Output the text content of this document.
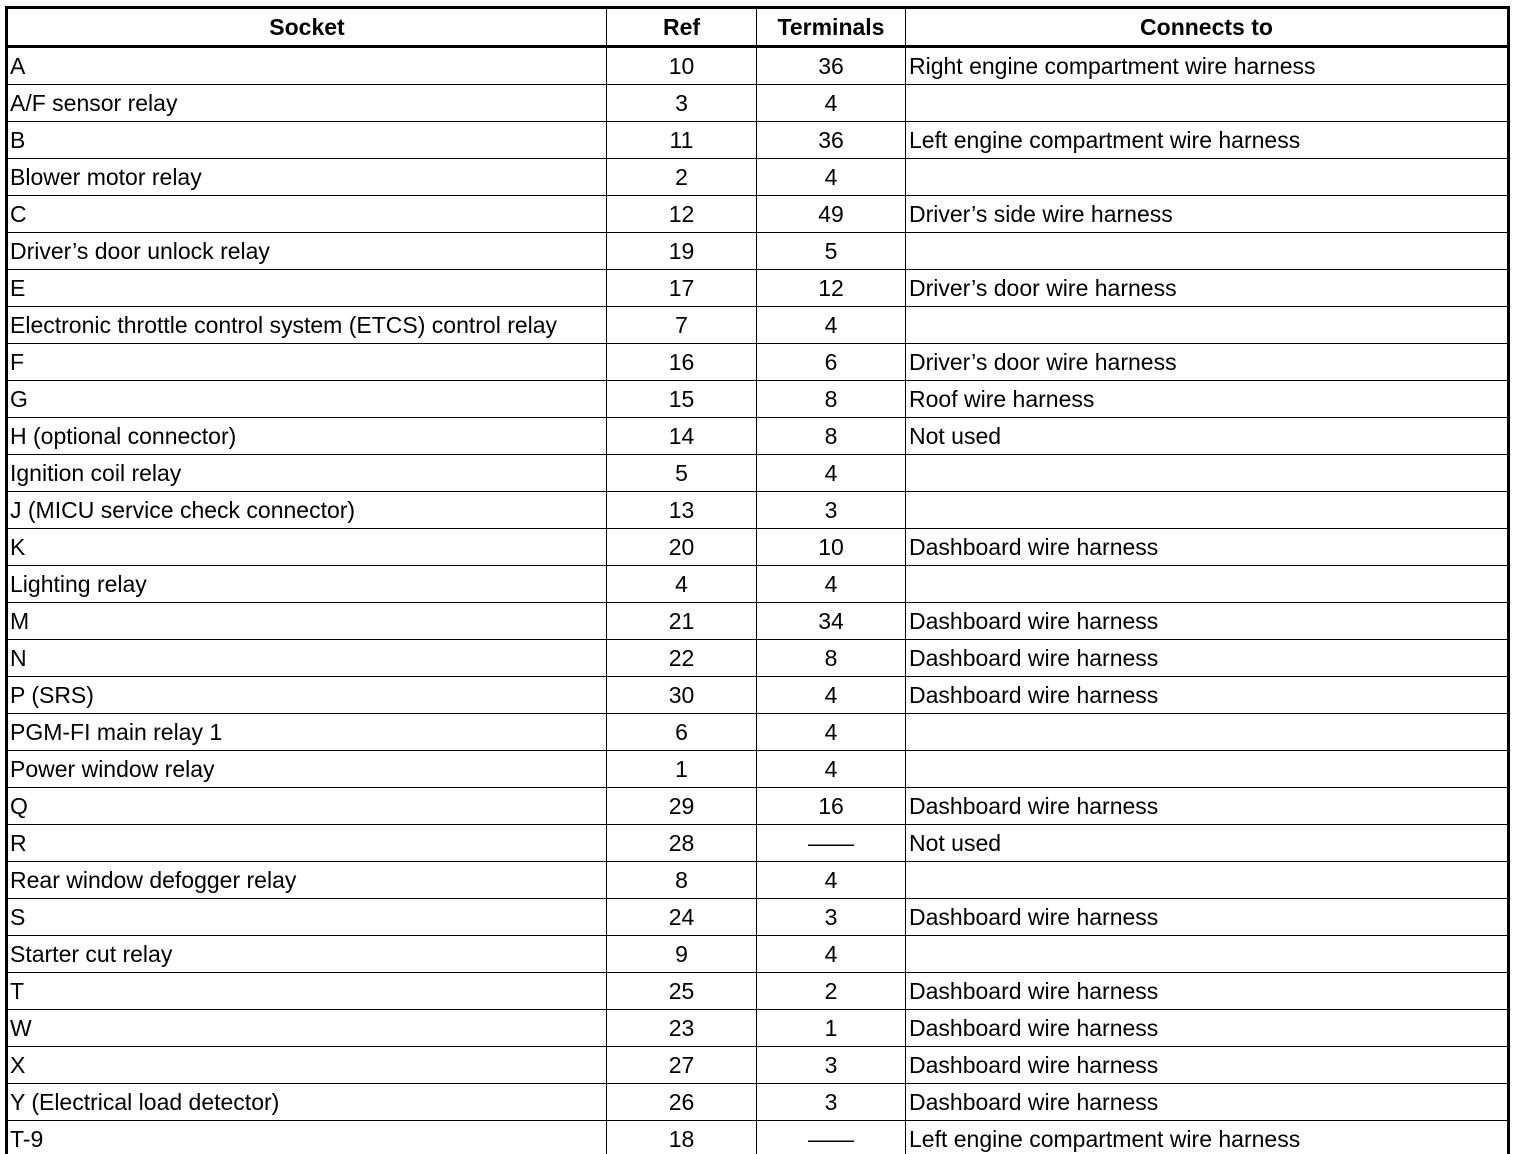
Socket	Ref	Terminals	Connects to
A	10	36	Right engine compartment wire harness
A/F sensor relay	3	4	
B	11	36	Left engine compartment wire harness
Blower motor relay	2	4	
C	12	49	Driver’s side wire harness
Driver’s door unlock relay	19	5	
E	17	12	Driver’s door wire harness
Electronic throttle control system (ETCS) control relay	7	4	
F	16	6	Driver’s door wire harness
G	15	8	Roof wire harness
H (optional connector)	14	8	Not used
Ignition coil relay	5	4	
J (MICU service check connector)	13	3	
K	20	10	Dashboard wire harness
Lighting relay	4	4	
M	21	34	Dashboard wire harness
N	22	8	Dashboard wire harness
P (SRS)	30	4	Dashboard wire harness
PGM-FI main relay 1	6	4	
Power window relay	1	4	
Q	29	16	Dashboard wire harness
R	28	——	Not used
Rear window defogger relay	8	4	
S	24	3	Dashboard wire harness
Starter cut relay	9	4	
T	25	2	Dashboard wire harness
W	23	1	Dashboard wire harness
X	27	3	Dashboard wire harness
Y (Electrical load detector)	26	3	Dashboard wire harness
T-9	18	——	Left engine compartment wire harness
